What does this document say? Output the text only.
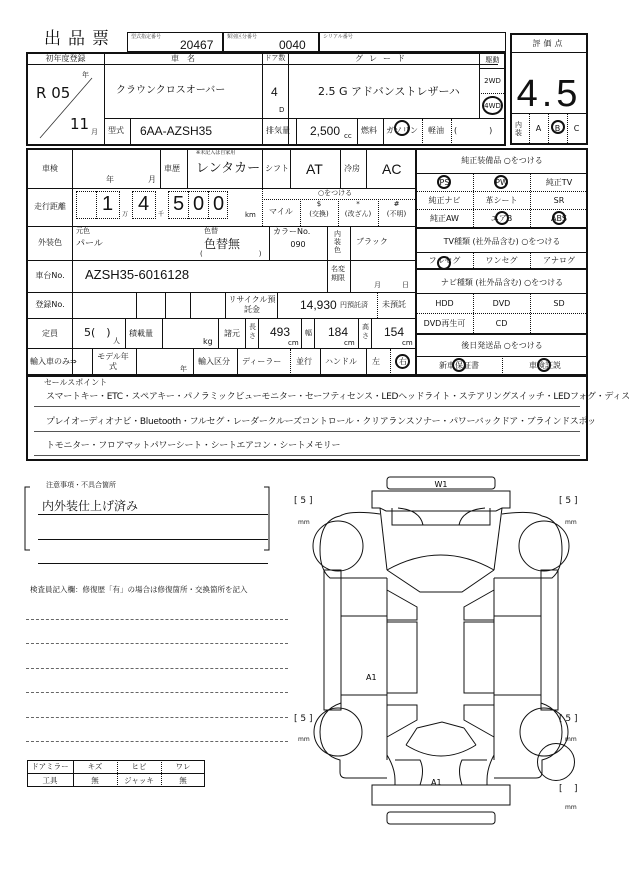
出品票	型式指定番号
20467
類別区分番号
0040
シリアル番号
評価点
4.5
内装	A	B	C
初年度登録
R 05
年
11 月
車　名
クラウンクロスオーバー
ドア数
4
D
グレード
2.5 G アドバンストレザーハ
駆動
2WD
4WD
型式 6AA-AZSH35	排気量 2,500 cc
燃料 ガソリン 軽油 (　　　　)
車検
年	月
車歴
※未記入は自家用
レンタカー シフト AT	冷房 AC
走行距離	1 万 4 千 5 0 0	km
○をつける
マイル
$
(交換)
*
(改ざん)
#
(不明)
外装色
元色
パール
色替
色替無
(　　　　　　　　)
カラーNo.
090
内装色
ブラック
車台No.	AZSH35-6016128	名変期限
月	日
登録No.
リサイクル預託金	14,930 円預託済 未預託
定員	5(　)
人
積載量
kg
諸元
長さ 493
cm
幅 184
cm
高さ 154
cm
輸入車のみ⇒
モデル年式	年
輸入区分 ディーラー 並行 ハンドル 左 右
純正装備品 ○をつける
PS	PW	純正TV
純正ナビ	革シート	SR
純正AW	エアB	ABS
TV種類 (社外品含む) ○をつける
フルセグ	ワンセグ	アナログ
ナビ種類 (社外品含む) ○をつける
HDD	DVD	SD
DVD再生可	CD
後日発送品 ○をつける
新車保証書	車検証説
セールスポイント
スマートキー・ETC・スペアキー・パノラミックビューモニター・セーフティセンス・LEDヘッドライト・ステアリングスイッチ・LEDフォグ・ディス
プレイオーディオナビ・Bluetooth・フルセグ・レーダークルーズコントロール・クリアランスソナー・パワーバックドア・ブラインドスポッ
トモニター・フロアマットパワーシート・シートエアコン・シートメモリー
注意事項・不具合箇所
内外装仕上げ済み
検査員記入欄：修復歴「有」の場合は修復箇所・交換箇所を記入
ドアミラー	キズ	ヒビ	ワレ
工具	無	ジャッキ	無
W1
A1
A1
[ 5 ]
mm
[ 5 ]
mm
[ 5 ]
mm
[ 5 ]
mm
[    ]
mm
